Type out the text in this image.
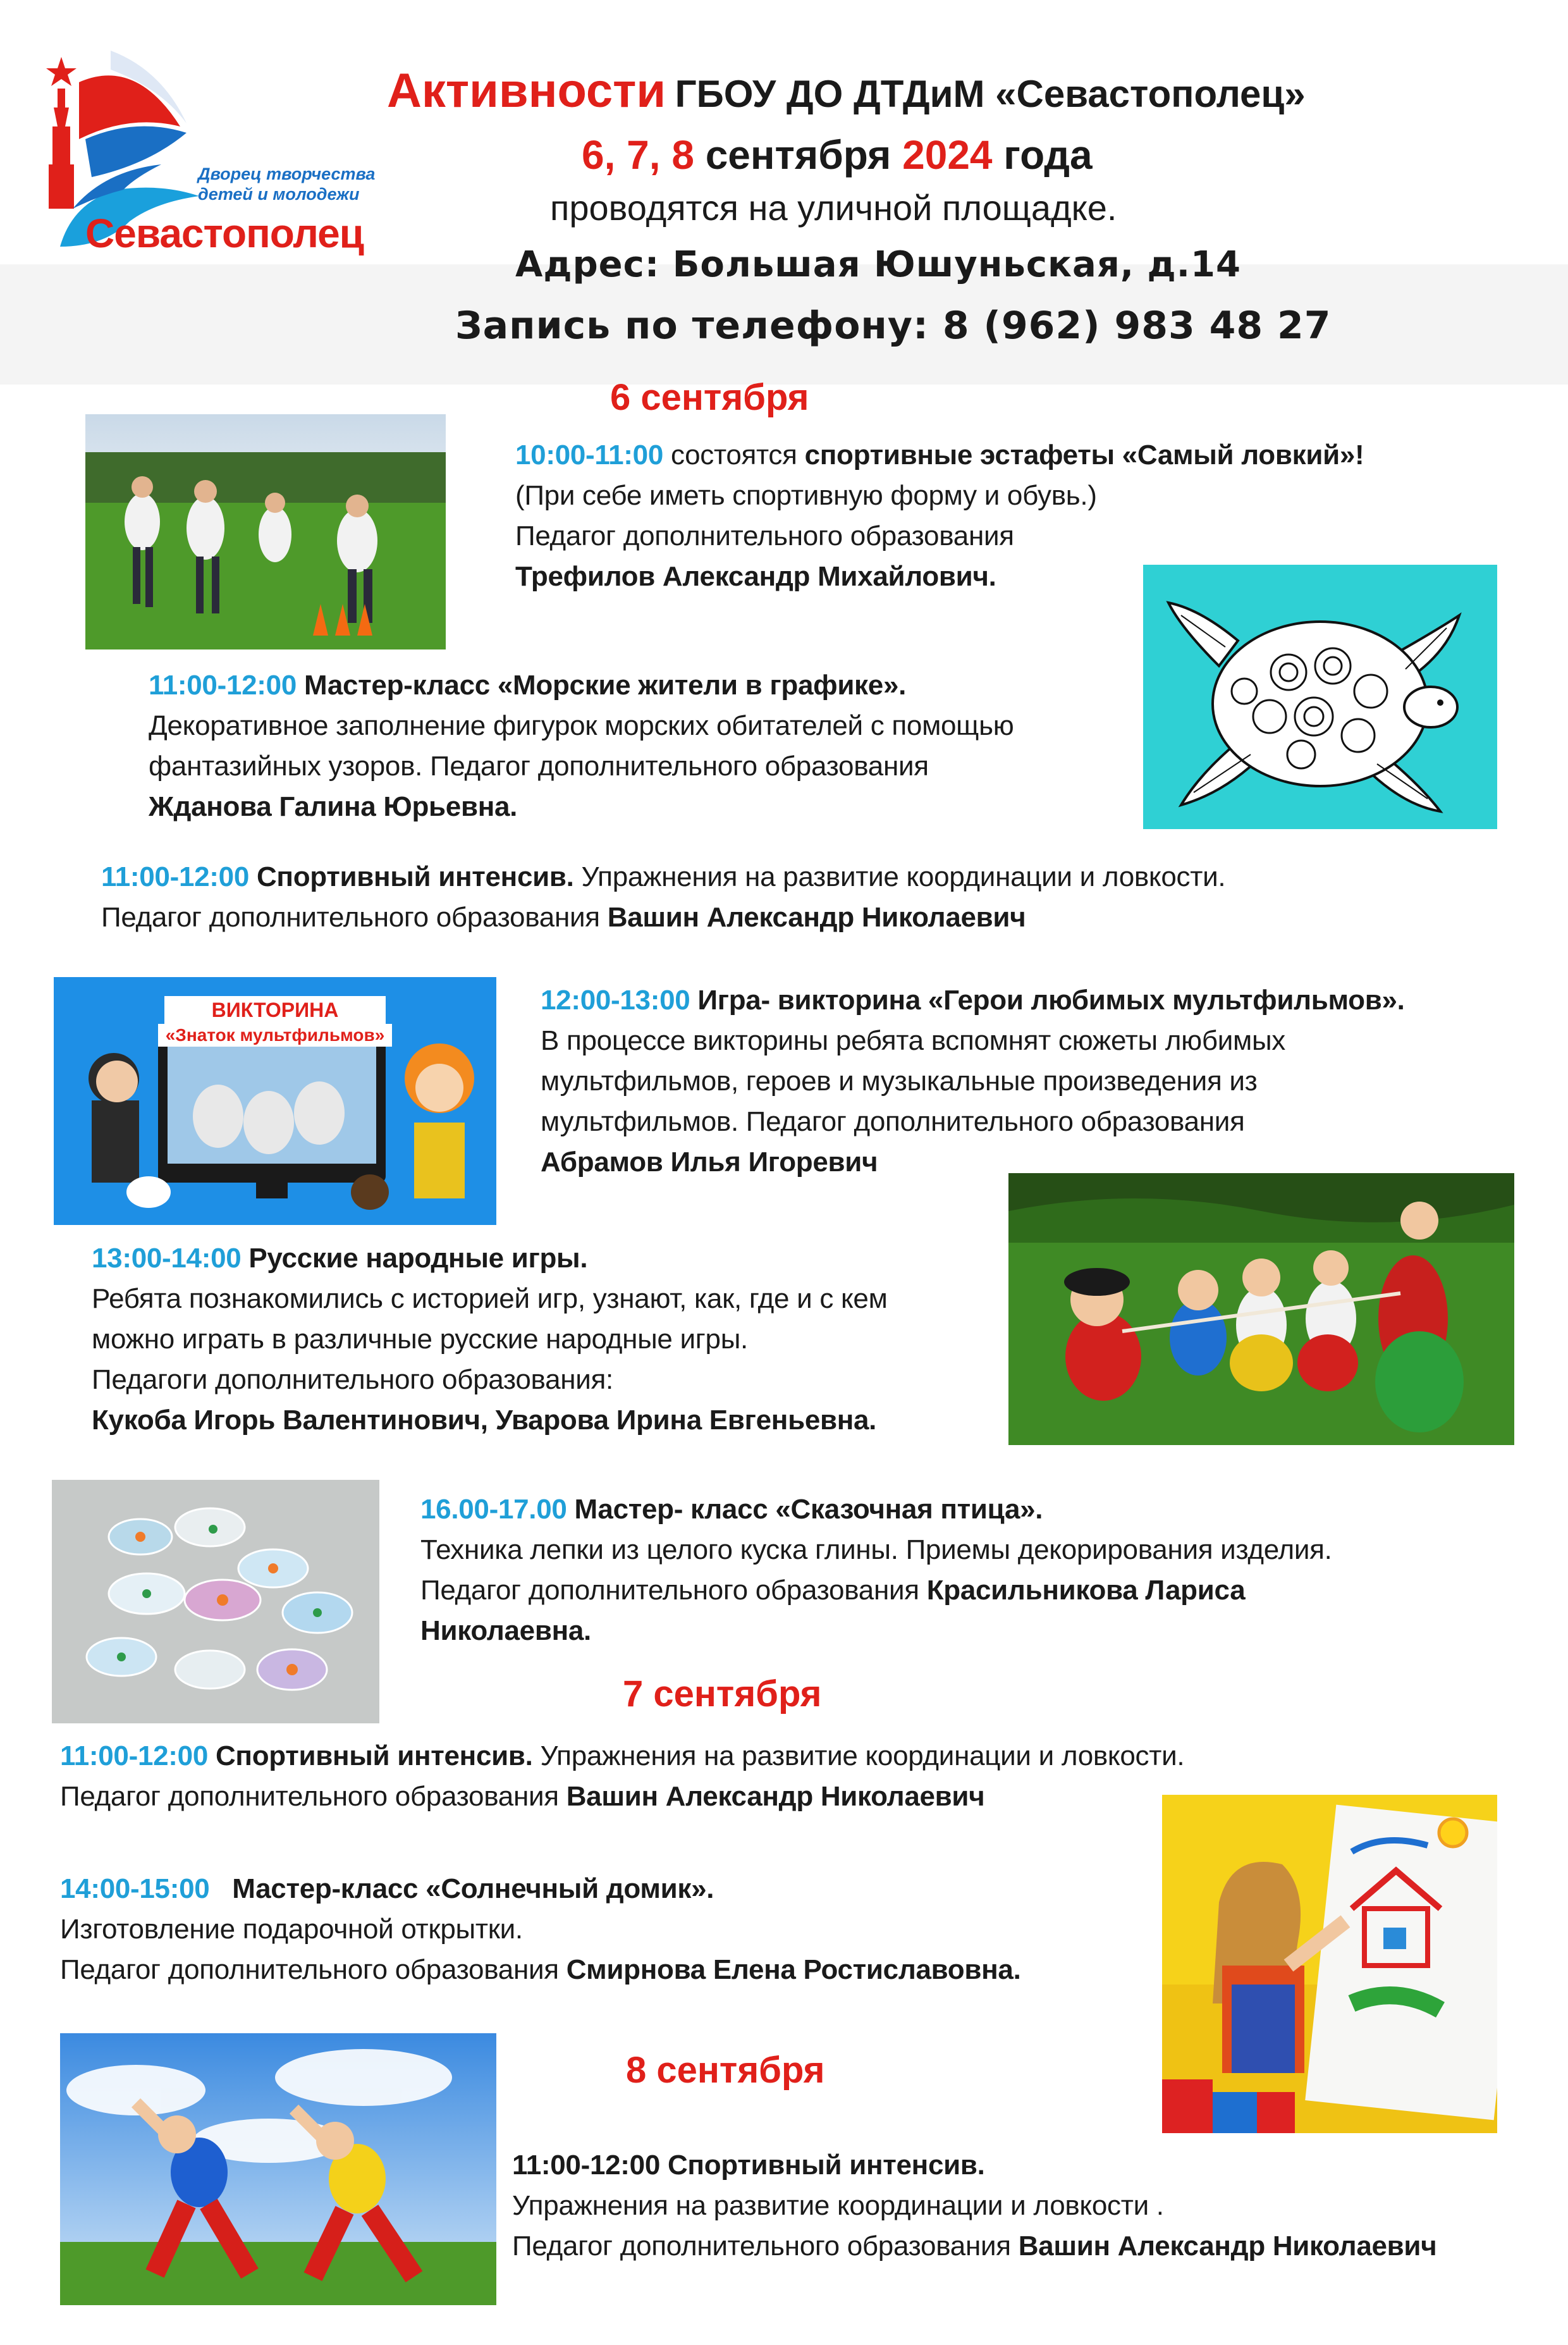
Дворец творчества
детей и молодежи
Севастополец
Активности ГБОУ ДО ДТДиМ «Севастополец»
6, 7, 8 сентября 2024 года
проводятся на уличной площадке.
Адрес: Большая Юшуньская, д.14
Запись по телефону: 8 (962) 983 48 27
6 сентября
10:00-11:00 состоятся спортивные эстафеты «Самый ловкий»!
(При себе иметь спортивную форму и обувь.)
Педагог дополнительного образования
Трефилов Александр Михайлович.
11:00-12:00 Мастер-класс «Морские жители в графике».
Декоративное заполнение фигурок морских обитателей с помощью
фантазийных узоров. Педагог дополнительного образования
Жданова Галина Юрьевна.
11:00-12:00 Спортивный интенсив. Упражнения на развитие координации и ловкости.
Педагог дополнительного образования Вашин Александр Николаевич
ВИКТОРИНА
«Знаток мультфильмов»
12:00-13:00 Игра- викторина «Герои любимых мультфильмов».
В процессе викторины ребята вспомнят сюжеты любимых
мультфильмов, героев и музыкальные произведения из
мультфильмов. Педагог дополнительного образования
Абрамов Илья Игоревич
13:00-14:00 Русские народные игры.
Ребята познакомились с историей игр, узнают, как, где и с кем
можно играть в различные русские народные игры.
Педагоги дополнительного образования:
Кукоба Игорь Валентинович, Уварова Ирина Евгеньевна.
16.00-17.00 Мастер- класс «Сказочная птица».
Техника лепки из целого куска глины. Приемы декорирования изделия.
Педагог дополнительного образования Красильникова Лариса
Николаевна.
7 сентября
11:00-12:00 Спортивный интенсив. Упражнения на развитие координации и ловкости.
Педагог дополнительного образования Вашин Александр Николаевич
14:00-15:00 Мастер-класс «Солнечный домик».
Изготовление подарочной открытки.
Педагог дополнительного образования Смирнова Елена Ростиславовна.
8 сентября
11:00-12:00 Спортивный интенсив.
Упражнения на развитие координации и ловкости .
Педагог дополнительного образования Вашин Александр Николаевич
